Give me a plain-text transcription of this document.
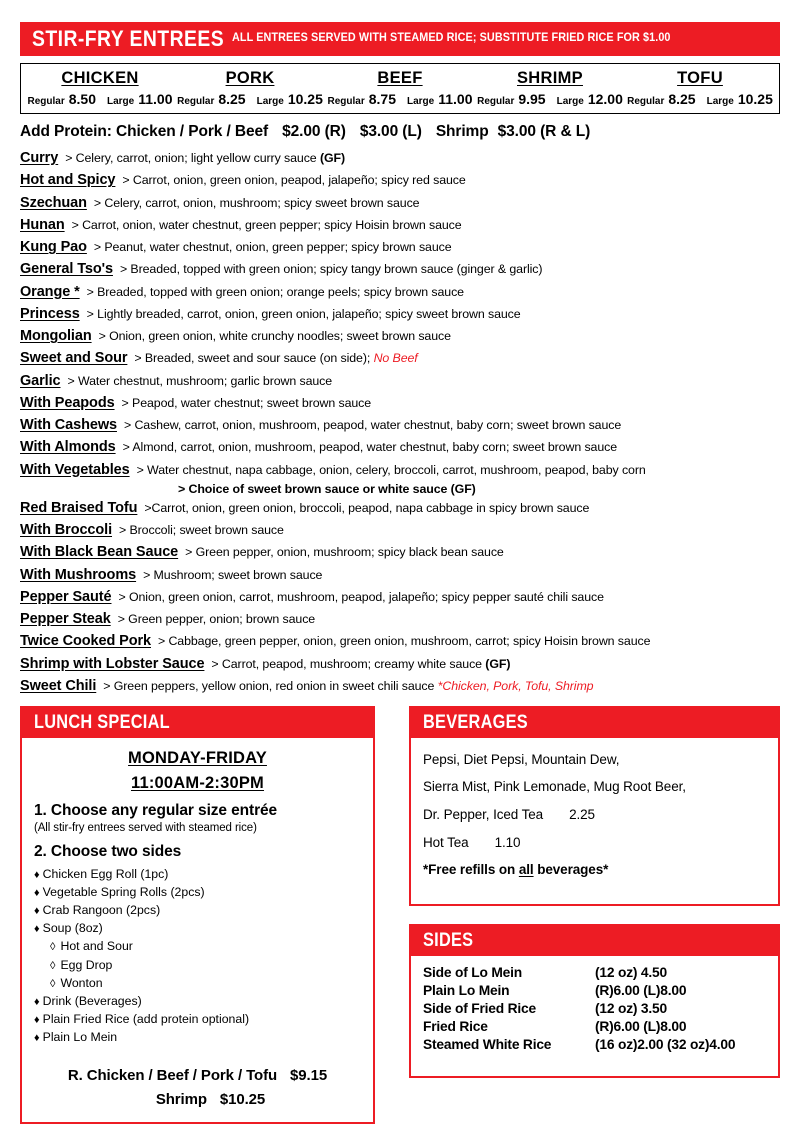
STIR-FRY ENTREES ALL ENTREES SERVED WITH STEAMED RICE; SUBSTITUTE FRIED RICE FOR $1.00
CHICKEN	PORK	BEEF	SHRIMP	TOFU
Regular 8.50 Large 11.00 Regular 8.25 Large 10.25 Regular 8.75 Large 11.00 Regular 9.95 Large 12.00 Regular 8.25 Large 10.25
Add Protein: Chicken / Pork / Beef $2.00 (R) $3.00 (L) Shrimp $3.00 (R & L)
Curry > Celery, carrot, onion; light yellow curry sauce (GF)
Hot and Spicy > Carrot, onion, green onion, peapod, jalapeño; spicy red sauce
Szechuan > Celery, carrot, onion, mushroom; spicy sweet brown sauce
Hunan > Carrot, onion, water chestnut, green pepper; spicy Hoisin brown sauce
Kung Pao > Peanut, water chestnut, onion, green pepper; spicy brown sauce
General Tso's > Breaded, topped with green onion; spicy tangy brown sauce (ginger & garlic)
Orange * > Breaded, topped with green onion; orange peels; spicy brown sauce
Princess > Lightly breaded, carrot, onion, green onion, jalapeño; spicy sweet brown sauce
Mongolian > Onion, green onion, white crunchy noodles; sweet brown sauce
Sweet and Sour > Breaded, sweet and sour sauce (on side); No Beef
Garlic > Water chestnut, mushroom; garlic brown sauce
With Peapods > Peapod, water chestnut; sweet brown sauce
With Cashews > Cashew, carrot, onion, mushroom, peapod, water chestnut, baby corn; sweet brown sauce
With Almonds > Almond, carrot, onion, mushroom, peapod, water chestnut, baby corn; sweet brown sauce
With Vegetables > Water chestnut, napa cabbage, onion, celery, broccoli, carrot, mushroom, peapod, baby corn
> Choice of sweet brown sauce or white sauce (GF)
Red Braised Tofu >Carrot, onion, green onion, broccoli, peapod, napa cabbage in spicy brown sauce
With Broccoli > Broccoli; sweet brown sauce
With Black Bean Sauce > Green pepper, onion, mushroom; spicy black bean sauce
With Mushrooms > Mushroom; sweet brown sauce
Pepper Sauté > Onion, green onion, carrot, mushroom, peapod, jalapeño; spicy pepper sauté chili sauce
Pepper Steak > Green pepper, onion; brown sauce
Twice Cooked Pork > Cabbage, green pepper, onion, green onion, mushroom, carrot; spicy Hoisin brown sauce
Shrimp with Lobster Sauce > Carrot, peapod, mushroom; creamy white sauce (GF)
Sweet Chili > Green peppers, yellow onion, red onion in sweet chili sauce *Chicken, Pork, Tofu, Shrimp
LUNCH SPECIAL
MONDAY-FRIDAY
11:00AM-2:30PM
1. Choose any regular size entrée
(All stir-fry entrees served with steamed rice)
2. Choose two sides
♦ Chicken Egg Roll (1pc)
♦ Vegetable Spring Rolls (2pcs)
♦ Crab Rangoon (2pcs)
♦ Soup (8oz)
◊ Hot and Sour
◊ Egg Drop
◊ Wonton
♦ Drink (Beverages)
♦ Plain Fried Rice (add protein optional)
♦ Plain Lo Mein
R. Chicken / Beef / Pork / Tofu $9.15
Shrimp $10.25
BEVERAGES
Pepsi, Diet Pepsi, Mountain Dew,
Sierra Mist, Pink Lemonade, Mug Root Beer,
Dr. Pepper, Iced Tea 2.25
Hot Tea 1.10
*Free refills on all beverages*
SIDES
Side of Lo Mein	(12 oz) 4.50
Plain Lo Mein	(R)6.00 (L)8.00
Side of Fried Rice	(12 oz) 3.50
Fried Rice	(R)6.00 (L)8.00
Steamed White Rice	(16 oz)2.00 (32 oz)4.00
